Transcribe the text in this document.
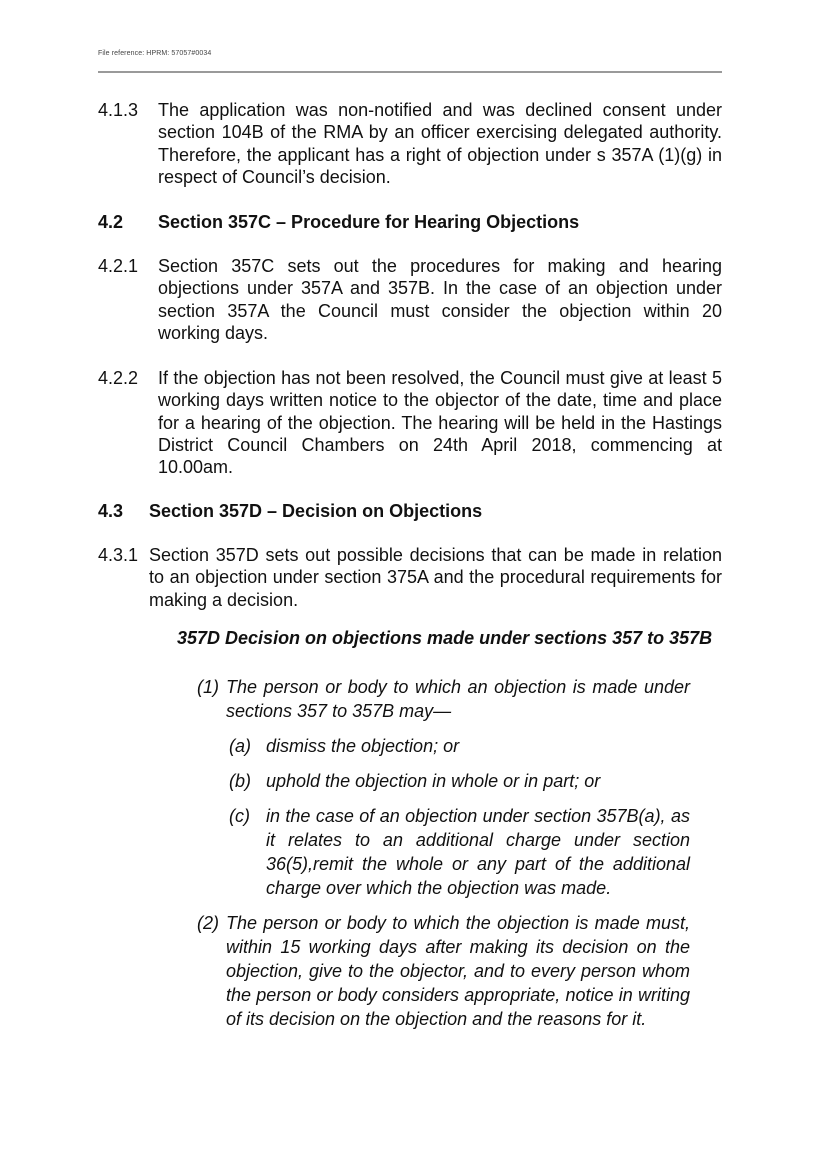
File reference: HPRM: 57057#0034
4.1.3 The application was non-notified and was declined consent under section 104B of the RMA by an officer exercising delegated authority. Therefore, the applicant has a right of objection under s 357A (1)(g) in respect of Council’s decision.
4.2 Section 357C – Procedure for Hearing Objections
4.2.1 Section 357C sets out the procedures for making and hearing objections under 357A and 357B. In the case of an objection under section 357A the Council must consider the objection within 20 working days.
4.2.2 If the objection has not been resolved, the Council must give at least 5 working days written notice to the objector of the date, time and place for a hearing of the objection. The hearing will be held in the Hastings District Council Chambers on 24th April 2018, commencing at 10.00am.
4.3 Section 357D – Decision on Objections
4.3.1 Section 357D sets out possible decisions that can be made in relation to an objection under section 375A and the procedural requirements for making a decision.
357D Decision on objections made under sections 357 to 357B
(1) The person or body to which an objection is made under sections 357 to 357B may—
(a) dismiss the objection; or
(b) uphold the objection in whole or in part; or
(c) in the case of an objection under section 357B(a), as it relates to an additional charge under section 36(5),remit the whole or any part of the additional charge over which the objection was made.
(2) The person or body to which the objection is made must, within 15 working days after making its decision on the objection, give to the objector, and to every person whom the person or body considers appropriate, notice in writing of its decision on the objection and the reasons for it.
